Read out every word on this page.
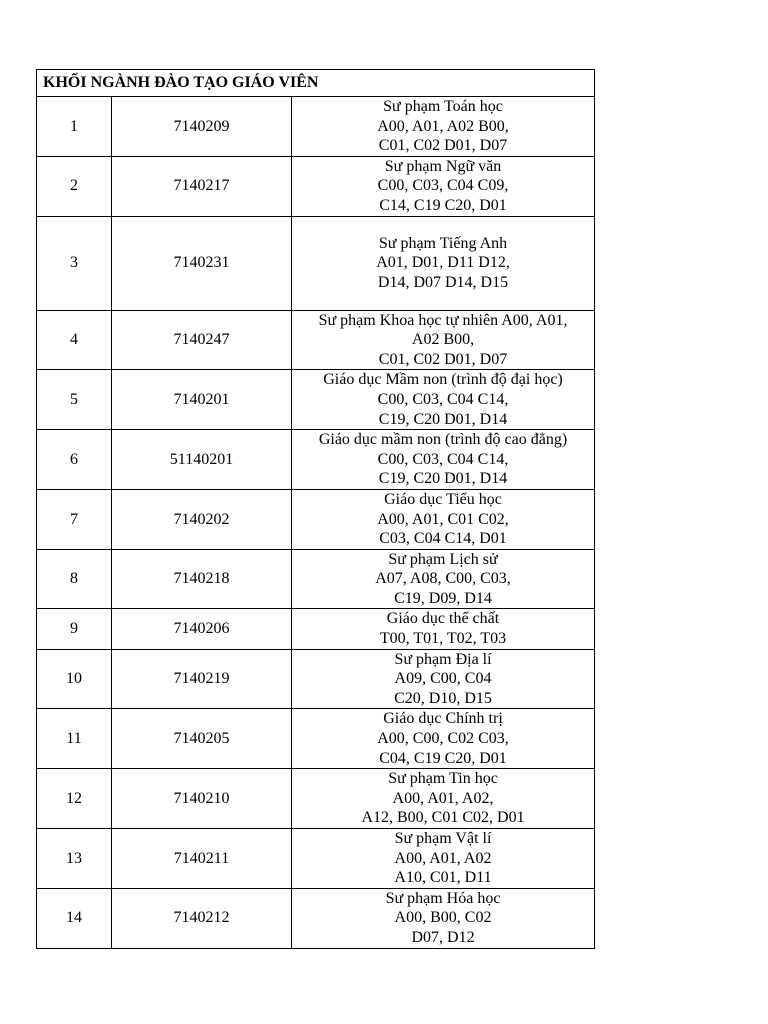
KHỐI NGÀNH ĐÀO TẠO GIÁO VIÊN		
1	7140209	Sư phạm Toán học
A00, A01, A02 B00,
C01, C02 D01, D07

2	7140217	Sư phạm Ngữ văn
C00, C03, C04 C09,
C14, C19 C20, D01

3	7140231	Sư phạm Tiếng Anh
A01, D01, D11 D12,
D14, D07 D14, D15

4	7140247	Sư phạm Khoa học tự nhiên A00, A01,
A02 B00,
C01, C02 D01, D07

5	7140201	Giáo dục Mầm non (trình độ đại học)
C00, C03, C04 C14,
C19, C20 D01, D14

6	51140201	Giáo dục mầm non (trình độ cao đẳng)
C00, C03, C04 C14,
C19, C20 D01, D14

7	7140202	Giáo dục Tiểu học
A00, A01, C01 C02,
C03, C04 C14, D01

8	7140218	Sư phạm Lịch sử
A07, A08, C00, C03,
C19, D09, D14

9	7140206	Giáo dục thể chất
T00, T01, T02, T03

10	7140219	Sư phạm Địa lí
A09, C00, C04
C20, D10, D15

11	7140205	Giáo dục Chính trị
A00, C00, C02 C03,
C04, C19 C20, D01

12	7140210	Sư phạm Tin học
A00, A01, A02,
A12, B00, C01 C02, D01

13	7140211	Sư phạm Vật lí
A00, A01, A02
A10, C01, D11

14	7140212	Sư phạm Hóa học
A00, B00, C02
D07, D12
